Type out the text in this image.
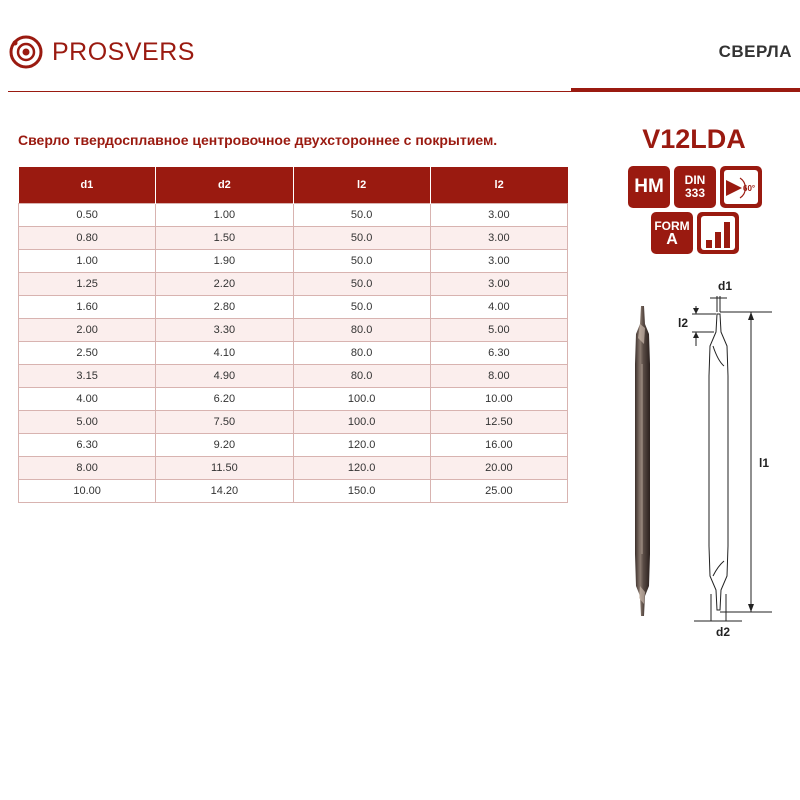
PROSVERS	СВЕРЛА
Сверло твердосплавное центровочное двухстороннее с покрытием.
d1	d2	l2	l2
0.50	1.00	50.0	3.00
0.80	1.50	50.0	3.00
1.00	1.90	50.0	3.00
1.25	2.20	50.0	3.00
1.60	2.80	50.0	4.00
2.00	3.30	80.0	5.00
2.50	4.10	80.0	6.30
3.15	4.90	80.0	8.00
4.00	6.20	100.0	10.00
5.00	7.50	100.0	12.50
6.30	9.20	120.0	16.00
8.00	11.50	120.0	20.00
10.00	14.20	150.0	25.00
V12LDA
HM DIN
333	60°
FORM
A
d1
l2
l1
d2
